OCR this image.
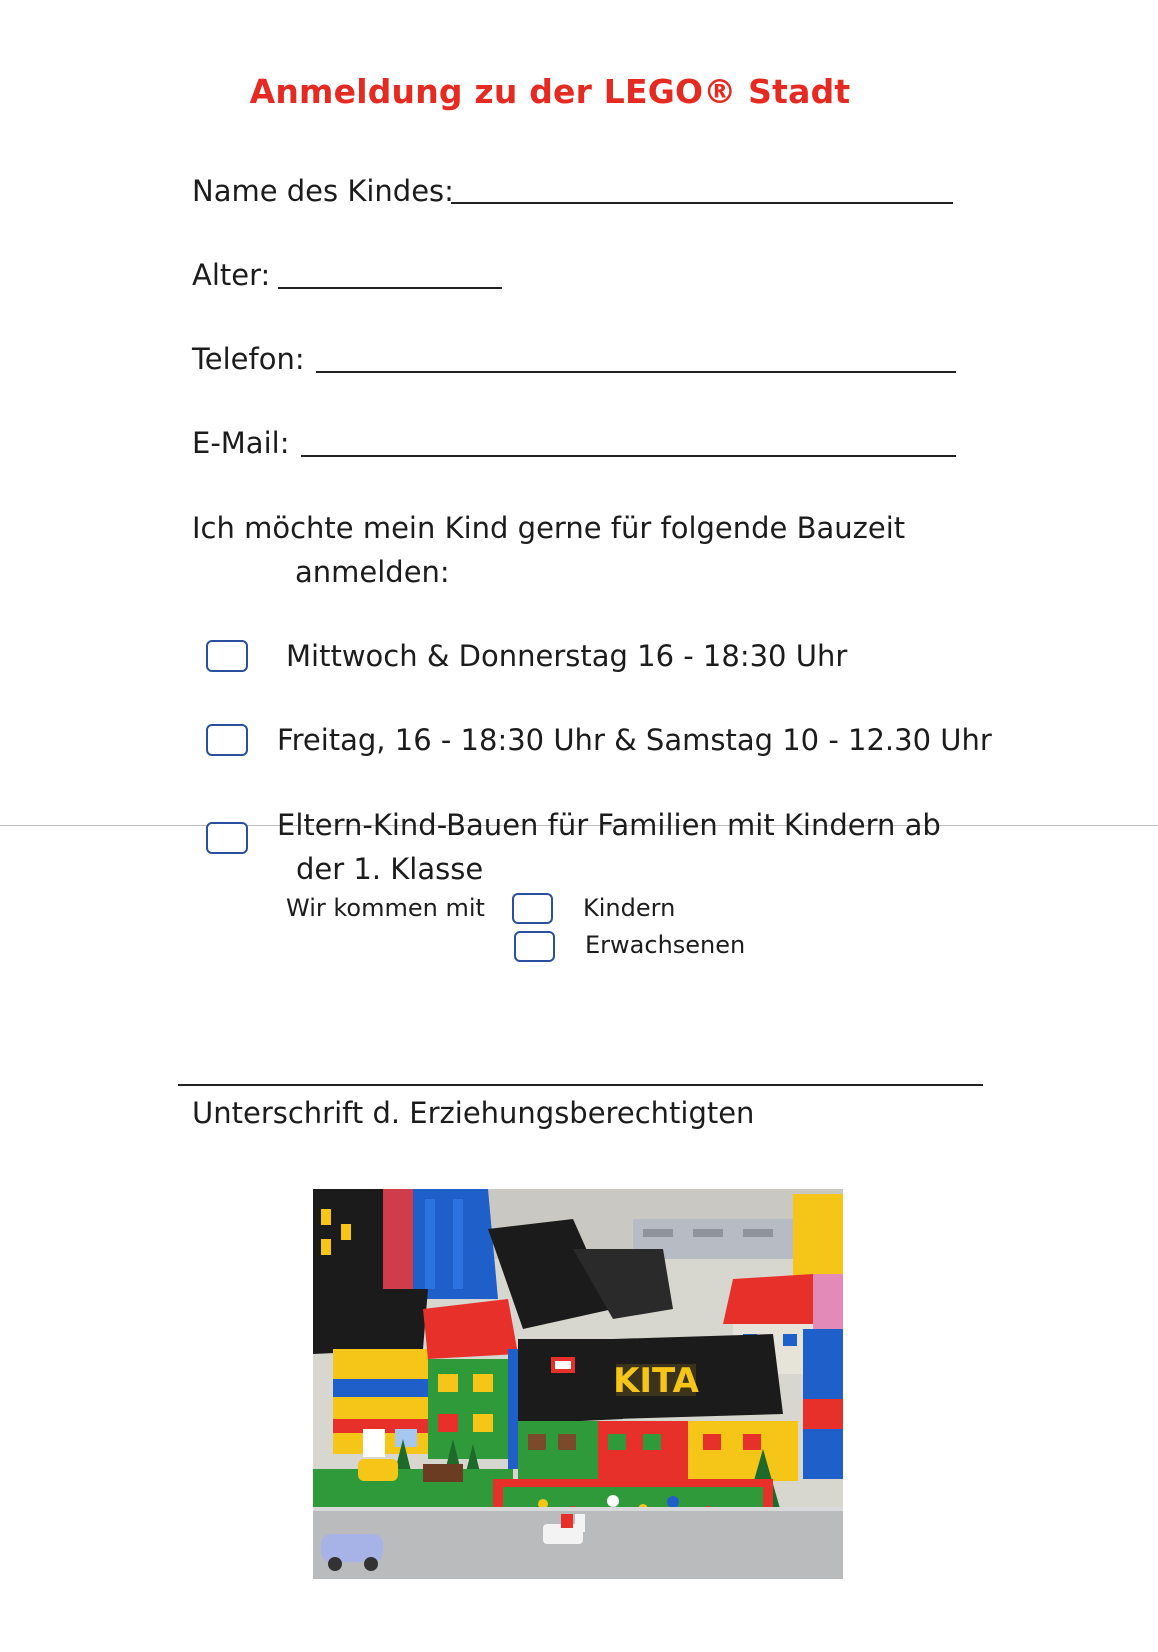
Anmeldung zu der LEGO® Stadt
Name des Kindes:
Alter:
Telefon:
E-Mail:
Ich möchte mein Kind gerne für folgende Bauzeit
anmelden:
Mittwoch & Donnerstag 16 - 18:30 Uhr
Freitag, 16 - 18:30 Uhr & Samstag 10 - 12.30 Uhr
Eltern-Kind-Bauen für Familien mit Kindern ab
der 1. Klasse
Wir kommen mit	Kindern
Erwachsenen
Unterschrift d. Erziehungsberechtigten
KITA
